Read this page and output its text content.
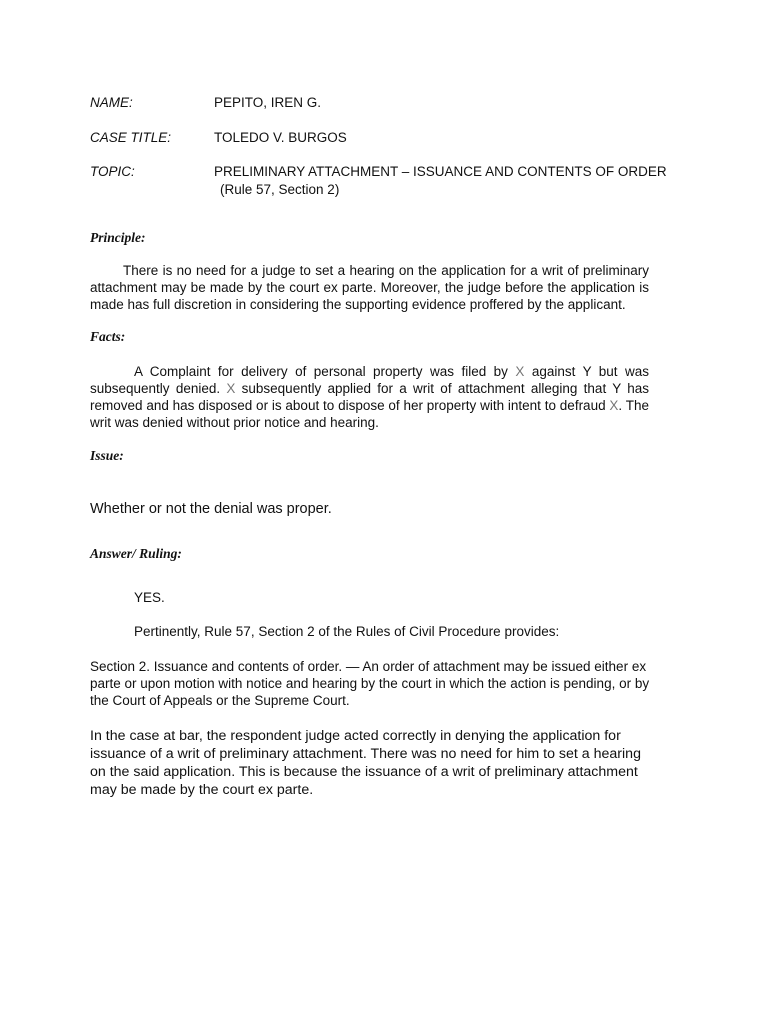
NAME:	PEPITO, IREN G.
CASE TITLE:	TOLEDO V. BURGOS
TOPIC:	PRELIMINARY ATTACHMENT – ISSUANCE AND CONTENTS OF ORDER
(Rule 57, Section 2)
Principle:

There is no need for a judge to set a hearing on the application for a writ of preliminary attachment may be made by the court ex parte. Moreover, the judge before the application is made has full discretion in considering the supporting evidence proffered by the applicant.

Facts:

A Complaint for delivery of personal property was filed by X against Y but was subsequently denied. X subsequently applied for a writ of attachment alleging that Y has removed and has disposed or is about to dispose of her property with intent to defraud X. The writ was denied without prior notice and hearing.

Issue:
Whether or not the denial was proper.
Answer/ Ruling:
YES.
Pertinently, Rule 57, Section 2 of the Rules of Civil Procedure provides:

Section 2. Issuance and contents of order. — An order of attachment may be issued either ex parte or upon motion with notice and hearing by the court in which the action is pending, or by the Court of Appeals or the Supreme Court.

In the case at bar, the respondent judge acted correctly in denying the application for issuance of a writ of preliminary attachment. There was no need for him to set a hearing on the said application. This is because the issuance of a writ of preliminary attachment may be made by the court ex parte.
